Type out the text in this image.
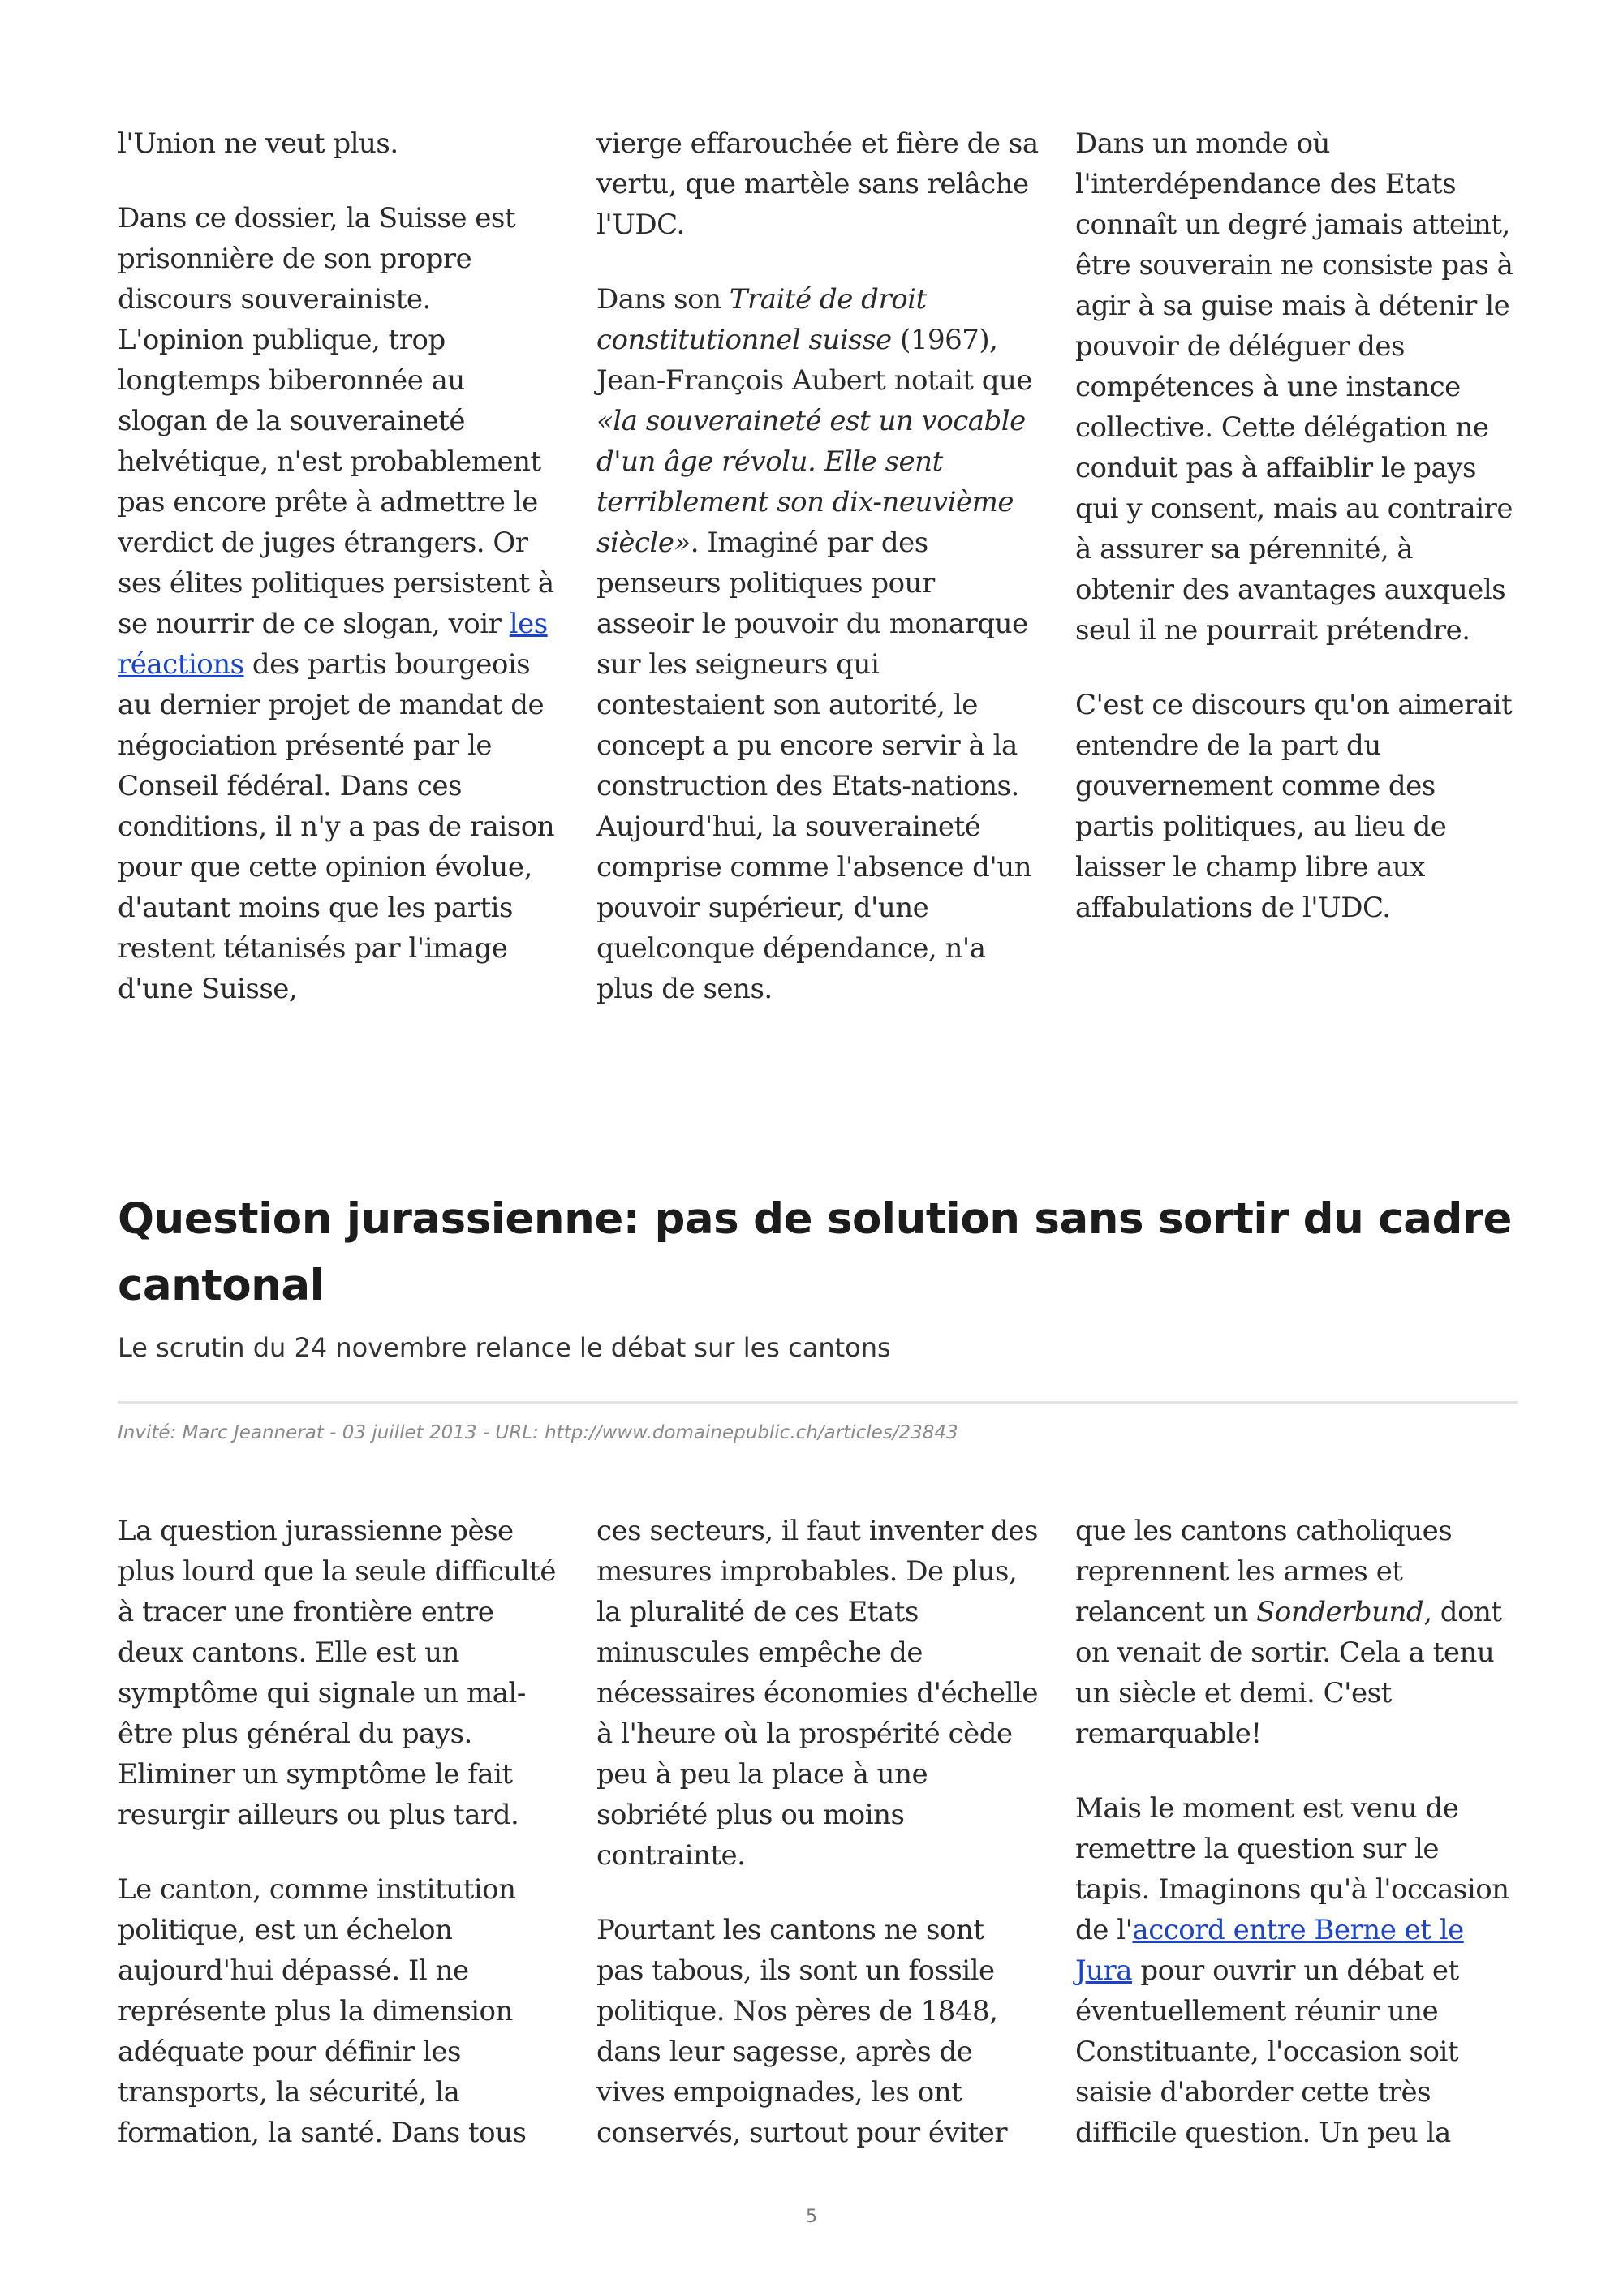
l'Union ne veut plus.

Dans ce dossier, la Suisse est prisonnière de son propre discours souverainiste. L'opinion publique, trop longtemps biberonnée au slogan de la souveraineté helvétique, n'est probablement pas encore prête à admettre le verdict de juges étrangers. Or ses élites politiques persistent à se nourrir de ce slogan, voir les réactions des partis bourgeois au dernier projet de mandat de négociation présenté par le Conseil fédéral. Dans ces conditions, il n'y a pas de raison pour que cette opinion évolue, d'autant moins que les partis restent tétanisés par l'image d'une Suisse,

vierge effarouchée et fière de sa vertu, que martèle sans relâche l'UDC.

Dans son Traité de droit constitutionnel suisse (1967), Jean-François Aubert notait que «la souveraineté est un vocable d'un âge révolu. Elle sent terriblement son dix-neuvième siècle». Imaginé par des penseurs politiques pour asseoir le pouvoir du monarque sur les seigneurs qui contestaient son autorité, le concept a pu encore servir à la construction des Etats-nations. Aujourd'hui, la souveraineté comprise comme l'absence d'un pouvoir supérieur, d'une quelconque dépendance, n'a plus de sens.

Dans un monde où l'interdépendance des Etats connaît un degré jamais atteint, être souverain ne consiste pas à agir à sa guise mais à détenir le pouvoir de déléguer des compétences à une instance collective. Cette délégation ne conduit pas à affaiblir le pays qui y consent, mais au contraire à assurer sa pérennité, à obtenir des avantages auxquels seul il ne pourrait prétendre.

C'est ce discours qu'on aimerait entendre de la part du gouvernement comme des partis politiques, au lieu de laisser le champ libre aux affabulations de l'UDC.

Question jurassienne: pas de solution sans sortir du cadre cantonal

Le scrutin du 24 novembre relance le débat sur les cantons

Invité: Marc Jeannerat - 03 juillet 2013 - URL: http://www.domainepublic.ch/articles/23843

La question jurassienne pèse plus lourd que la seule difficulté à tracer une frontière entre deux cantons. Elle est un symptôme qui signale un mal-être plus général du pays. Eliminer un symptôme le fait resurgir ailleurs ou plus tard.

Le canton, comme institution politique, est un échelon aujourd'hui dépassé. Il ne représente plus la dimension adéquate pour définir les transports, la sécurité, la formation, la santé. Dans tous

ces secteurs, il faut inventer des mesures improbables. De plus, la pluralité de ces Etats minuscules empêche de nécessaires économies d'échelle à l'heure où la prospérité cède peu à peu la place à une sobriété plus ou moins contrainte.

Pourtant les cantons ne sont pas tabous, ils sont un fossile politique. Nos pères de 1848, dans leur sagesse, après de vives empoignades, les ont conservés, surtout pour éviter

que les cantons catholiques reprennent les armes et relancent un Sonderbund, dont on venait de sortir. Cela a tenu un siècle et demi. C'est remarquable!

Mais le moment est venu de remettre la question sur le tapis. Imaginons qu'à l'occasion de l'accord entre Berne et le Jura pour ouvrir un débat et éventuellement réunir une Constituante, l'occasion soit saisie d'aborder cette très difficile question. Un peu la

5
